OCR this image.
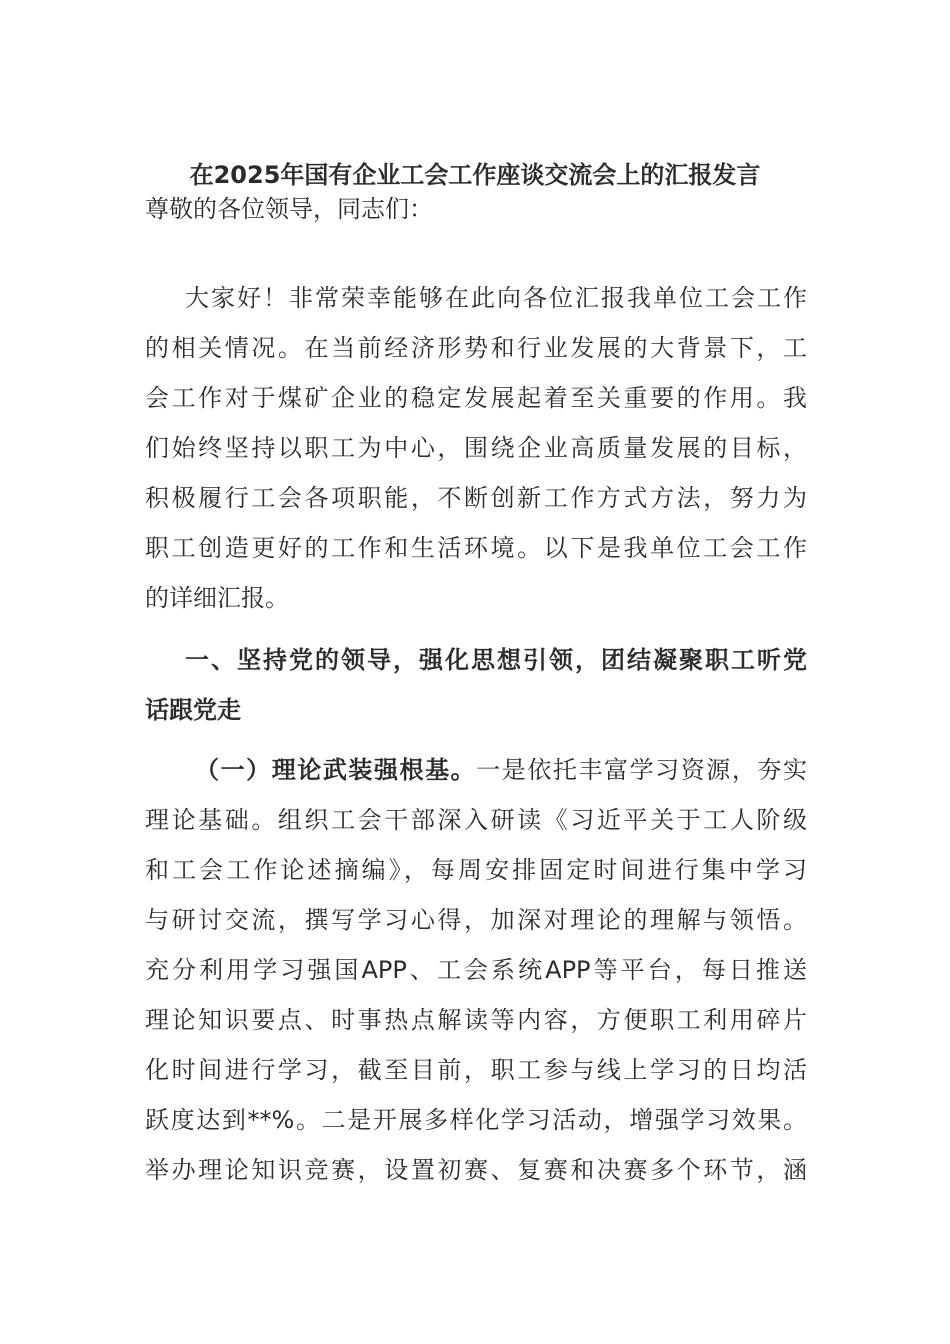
在2025年国有企业工会工作座谈交流会上的汇报发言
尊敬的各位领导，同志们：
大家好！非常荣幸能够在此向各位汇报我单位工会工作
的相关情况。在当前经济形势和行业发展的大背景下，工
会工作对于煤矿企业的稳定发展起着至关重要的作用。我
们始终坚持以职工为中心，围绕企业高质量发展的目标，
积极履行工会各项职能，不断创新工作方式方法，努力为
职工创造更好的工作和生活环境。以下是我单位工会工作
的详细汇报。
一、坚持党的领导，强化思想引领，团结凝聚职工听党
话跟党走
（一）理论武装强根基。一是依托丰富学习资源，夯实
理论基础。组织工会干部深入研读《习近平关于工人阶级
和工会工作论述摘编》，每周安排固定时间进行集中学习
与研讨交流，撰写学习心得，加深对理论的理解与领悟。
充分利用学习强国APP、工会系统APP等平台，每日推送
理论知识要点、时事热点解读等内容，方便职工利用碎片
化时间进行学习，截至目前，职工参与线上学习的日均活
跃度达到**%。二是开展多样化学习活动，增强学习效果。
举办理论知识竞赛，设置初赛、复赛和决赛多个环节，涵
